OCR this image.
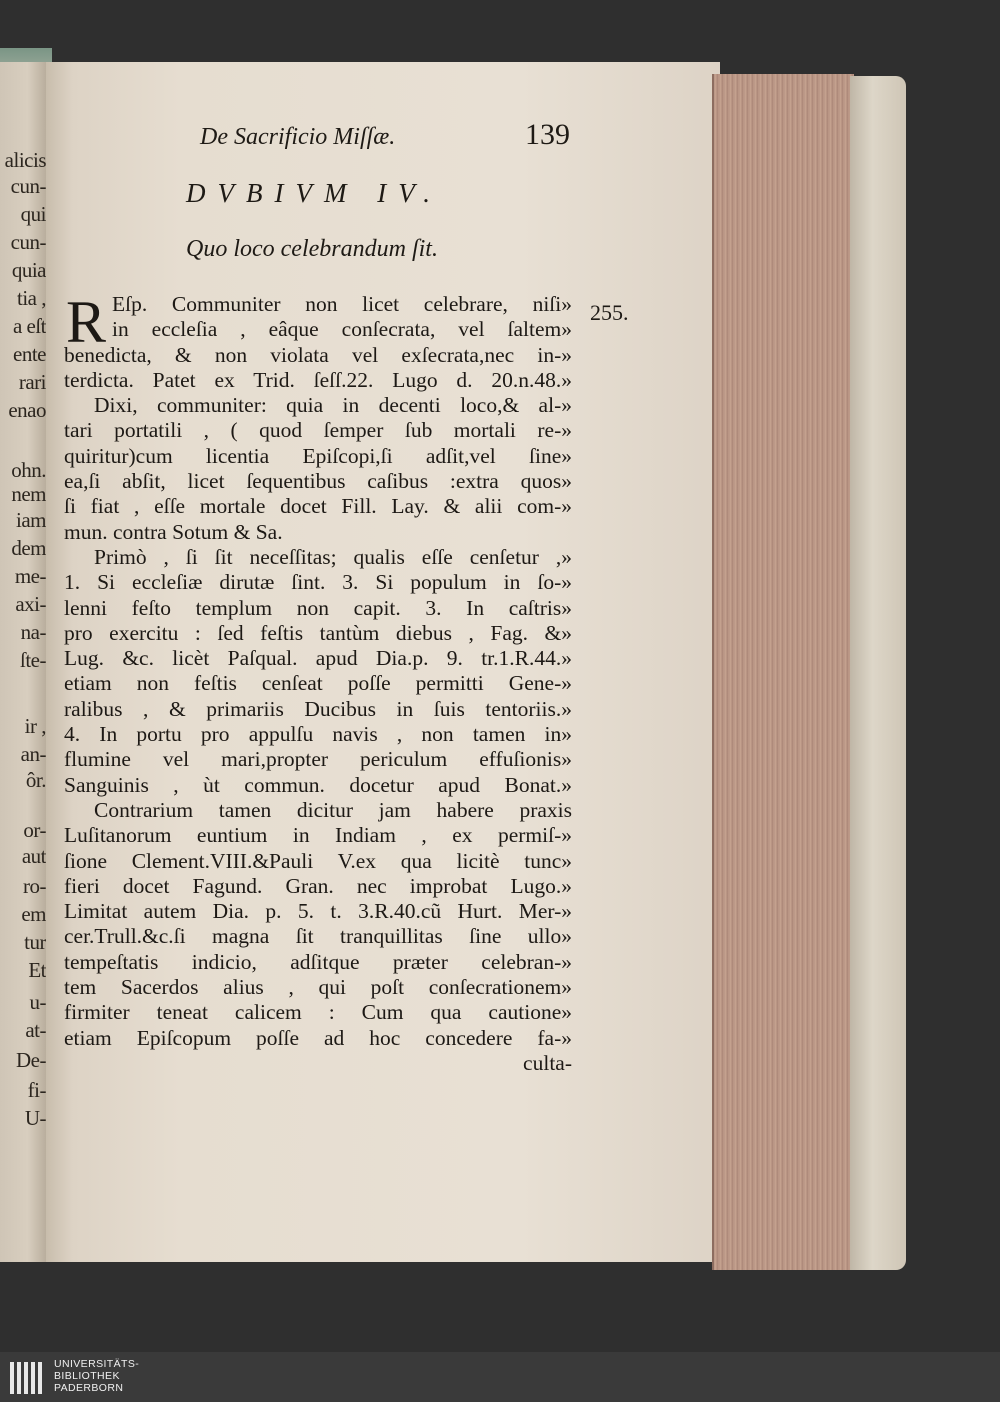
alicis
cun-
qui
cun-
quia
tia ,
a eſt
ente
rari
enao
ohn.
nem
iam
dem
me-
axi-
na-
ſte-
ir ,
an-
ôr.
or-
aut
ro-
em
tur
Et
u-
at-
De-
fi-
U-
De Sacrificio Miſſæ.	139
DVBIVM IV.
Quo loco celebrandum ſit.
R	255.
Eſp. Communiter non licet celebrare, niſi»
in eccleſia , eâque conſecrata, vel ſaltem»
benedicta, & non violata vel exſecrata,nec in-»
terdicta. Patet ex Trid. ſeſſ.22. Lugo d. 20.n.48.»
Dixi, communiter: quia in decenti loco,& al-»
tari portatili , ( quod ſemper ſub mortali re-»
quiritur)cum licentia Epiſcopi,ſi adſit,vel ſine»
ea,ſi abſit, licet ſequentibus caſibus :extra quos»
ſi fiat , eſſe mortale docet Fill. Lay. & alii com-»
mun. contra Sotum & Sa.
Primò , ſi ſit neceſſitas; qualis eſſe cenſetur ,»
1. Si eccleſiæ dirutæ ſint. 3. Si populum in ſo-»
lenni feſto templum non capit. 3. In caſtris»
pro exercitu : ſed feſtis tantùm diebus , Fag. &»
Lug. &c. licèt Paſqual. apud Dia.p. 9. tr.1.R.44.»
etiam non feſtis cenſeat poſſe permitti Gene-»
ralibus , & primariis Ducibus in ſuis tentoriis.»
4. In portu pro appulſu navis , non tamen in»
flumine vel mari,propter periculum effuſionis»
Sanguinis , ùt commun. docetur apud Bonat.»
Contrarium tamen dicitur jam habere praxis
Luſitanorum euntium in Indiam , ex permiſ-»
ſione Clement.VIII.&Pauli V.ex qua licitè tunc»
fieri docet Fagund. Gran. nec improbat Lugo.»
Limitat autem Dia. p. 5. t. 3.R.40.cũ Hurt. Mer-»
cer.Trull.&c.ſi magna ſit tranquillitas ſine ullo»
tempeſtatis indicio, adſitque præter celebran-»
tem Sacerdos alius , qui poſt conſecrationem»
firmiter teneat calicem : Cum qua cautione»
etiam Epiſcopum poſſe ad hoc concedere fa-»
culta-
UNIVERSITÄTS-
BIBLIOTHEK
PADERBORN
